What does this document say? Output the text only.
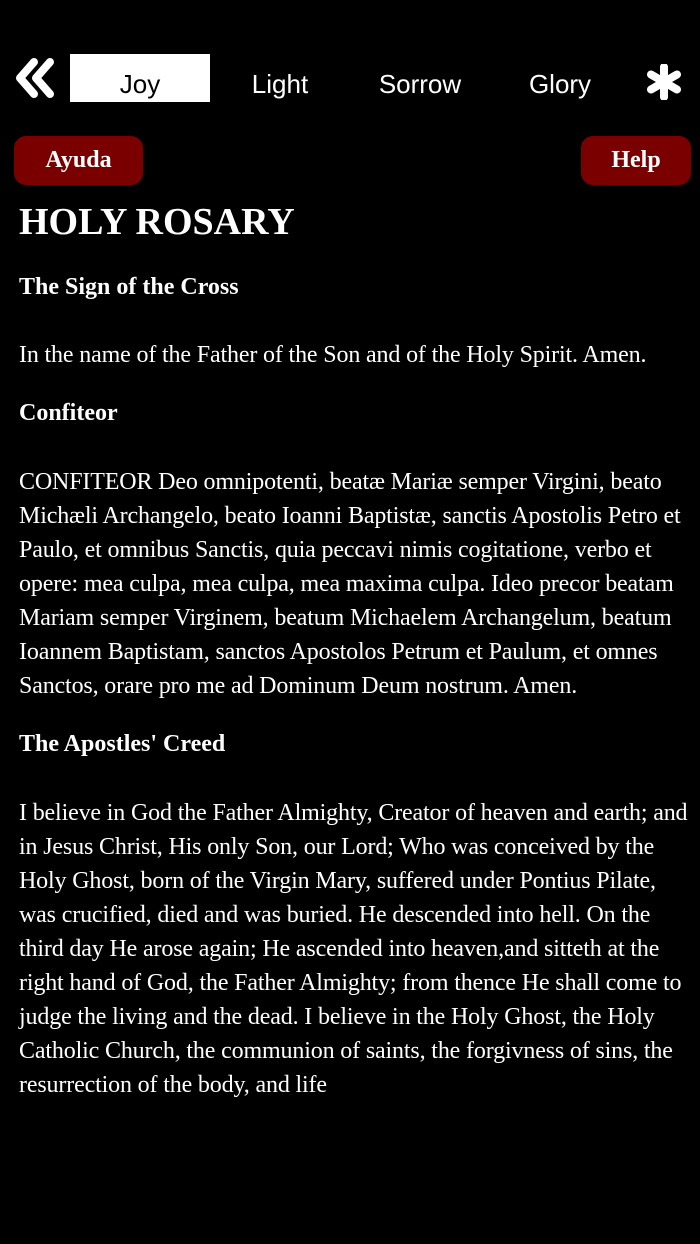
Joy	Light	Sorrow	Glory
Ayuda	Help
HOLY ROSARY
The Sign of the Cross
In the name of the Father of the Son and of the Holy Spirit. Amen.
Confiteor
CONFITEOR Deo omnipotenti, beatæ Mariæ semper Virgini, beato Michæli Archangelo, beato Ioanni Baptistæ, sanctis Apostolis Petro et Paulo, et omnibus Sanctis, quia peccavi nimis cogitatione, verbo et opere: mea culpa, mea culpa, mea maxima culpa. Ideo precor beatam Mariam semper Virginem, beatum Michaelem Archangelum, beatum Ioannem Baptistam, sanctos Apostolos Petrum et Paulum, et omnes Sanctos, orare pro me ad Dominum Deum nostrum. Amen.
The Apostles' Creed
I believe in God the Father Almighty, Creator of heaven and earth; and in Jesus Christ, His only Son, our Lord; Who was conceived by the Holy Ghost, born of the Virgin Mary, suffered under Pontius Pilate, was crucified, died and was buried. He descended into hell. On the third day He arose again; He ascended into heaven,and sitteth at the right hand of God, the Father Almighty; from thence He shall come to judge the living and the dead. I believe in the Holy Ghost, the Holy Catholic Church, the communion of saints, the forgivness of sins, the resurrection of the body, and life
